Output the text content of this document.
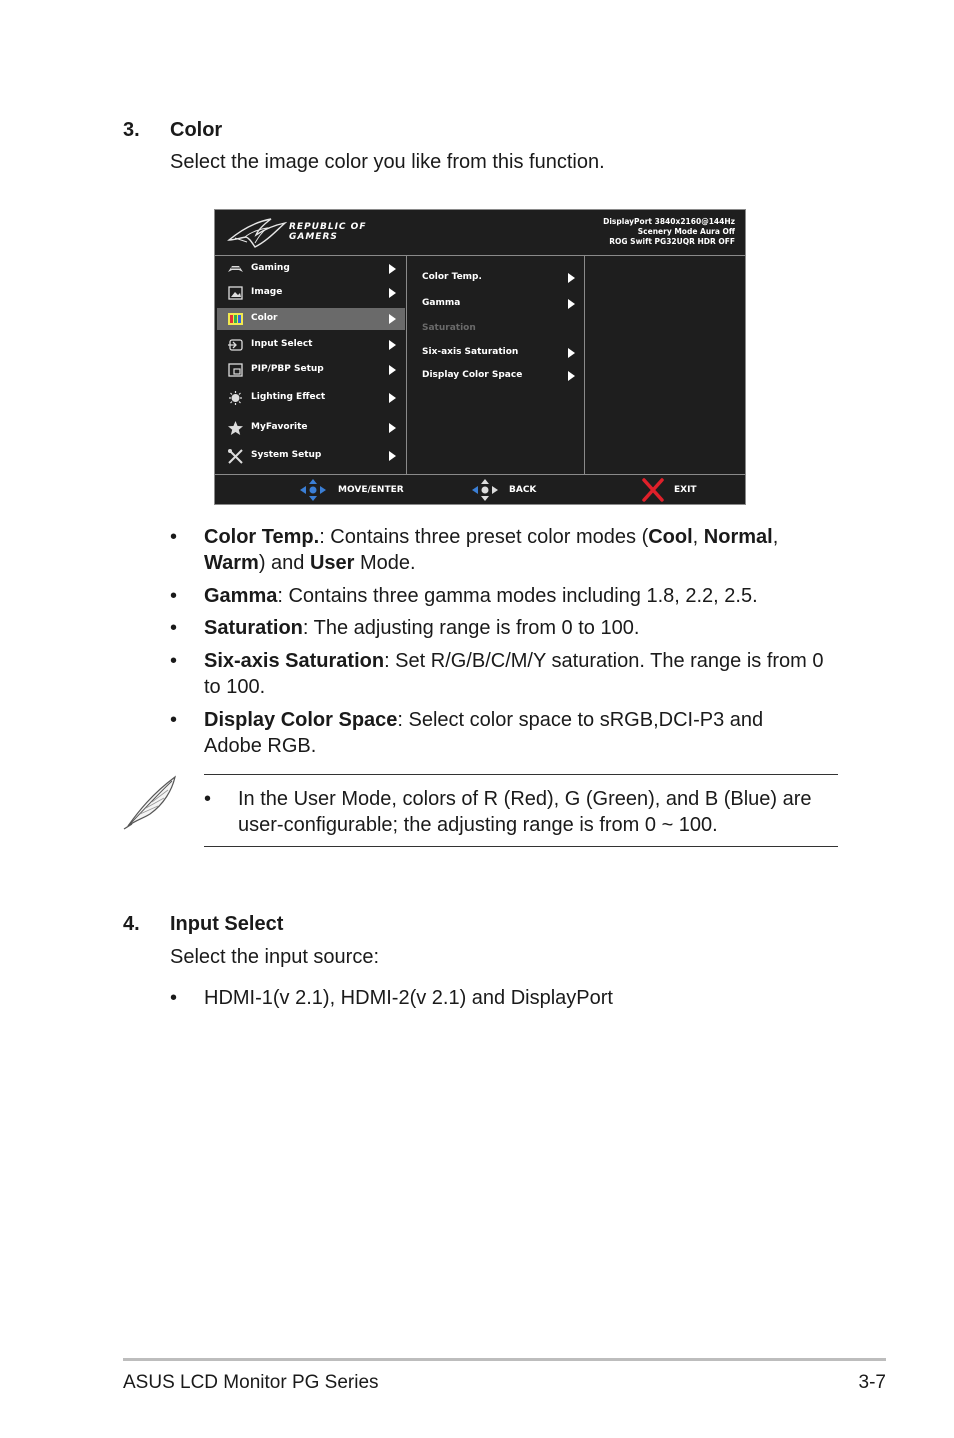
3. Color
Select the image color you like from this function.
REPUBLIC OF
GAMERS
DisplayPort 3840x2160@144Hz
Scenery Mode Aura Off
ROG Swift PG32UQR HDR OFF
Gaming
Image
Color
Input Select
PIP/PBP Setup
Lighting Effect
MyFavorite
System Setup
Color Temp.
Gamma
Saturation
Six-axis Saturation
Display Color Space
MOVE/ENTER	BACK	EXIT
• Color Temp.: Contains three preset color modes (Cool, Normal,
Warm) and User Mode.
• Gamma: Contains three gamma modes including 1.8, 2.2, 2.5.
• Saturation: The adjusting range is from 0 to 100.
• Six-axis Saturation: Set R/G/B/C/M/Y saturation. The range is from 0 to 100.
• Display Color Space: Select color space to sRGB,DCI-P3 and Adobe RGB.
• In the User Mode, colors of R (Red), G (Green), and B (Blue) are user-configurable; the adjusting range is from 0 ~ 100.
4. Input Select
Select the input source:
• HDMI-1(v 2.1), HDMI-2(v 2.1) and DisplayPort
ASUS LCD Monitor PG Series	3-7
